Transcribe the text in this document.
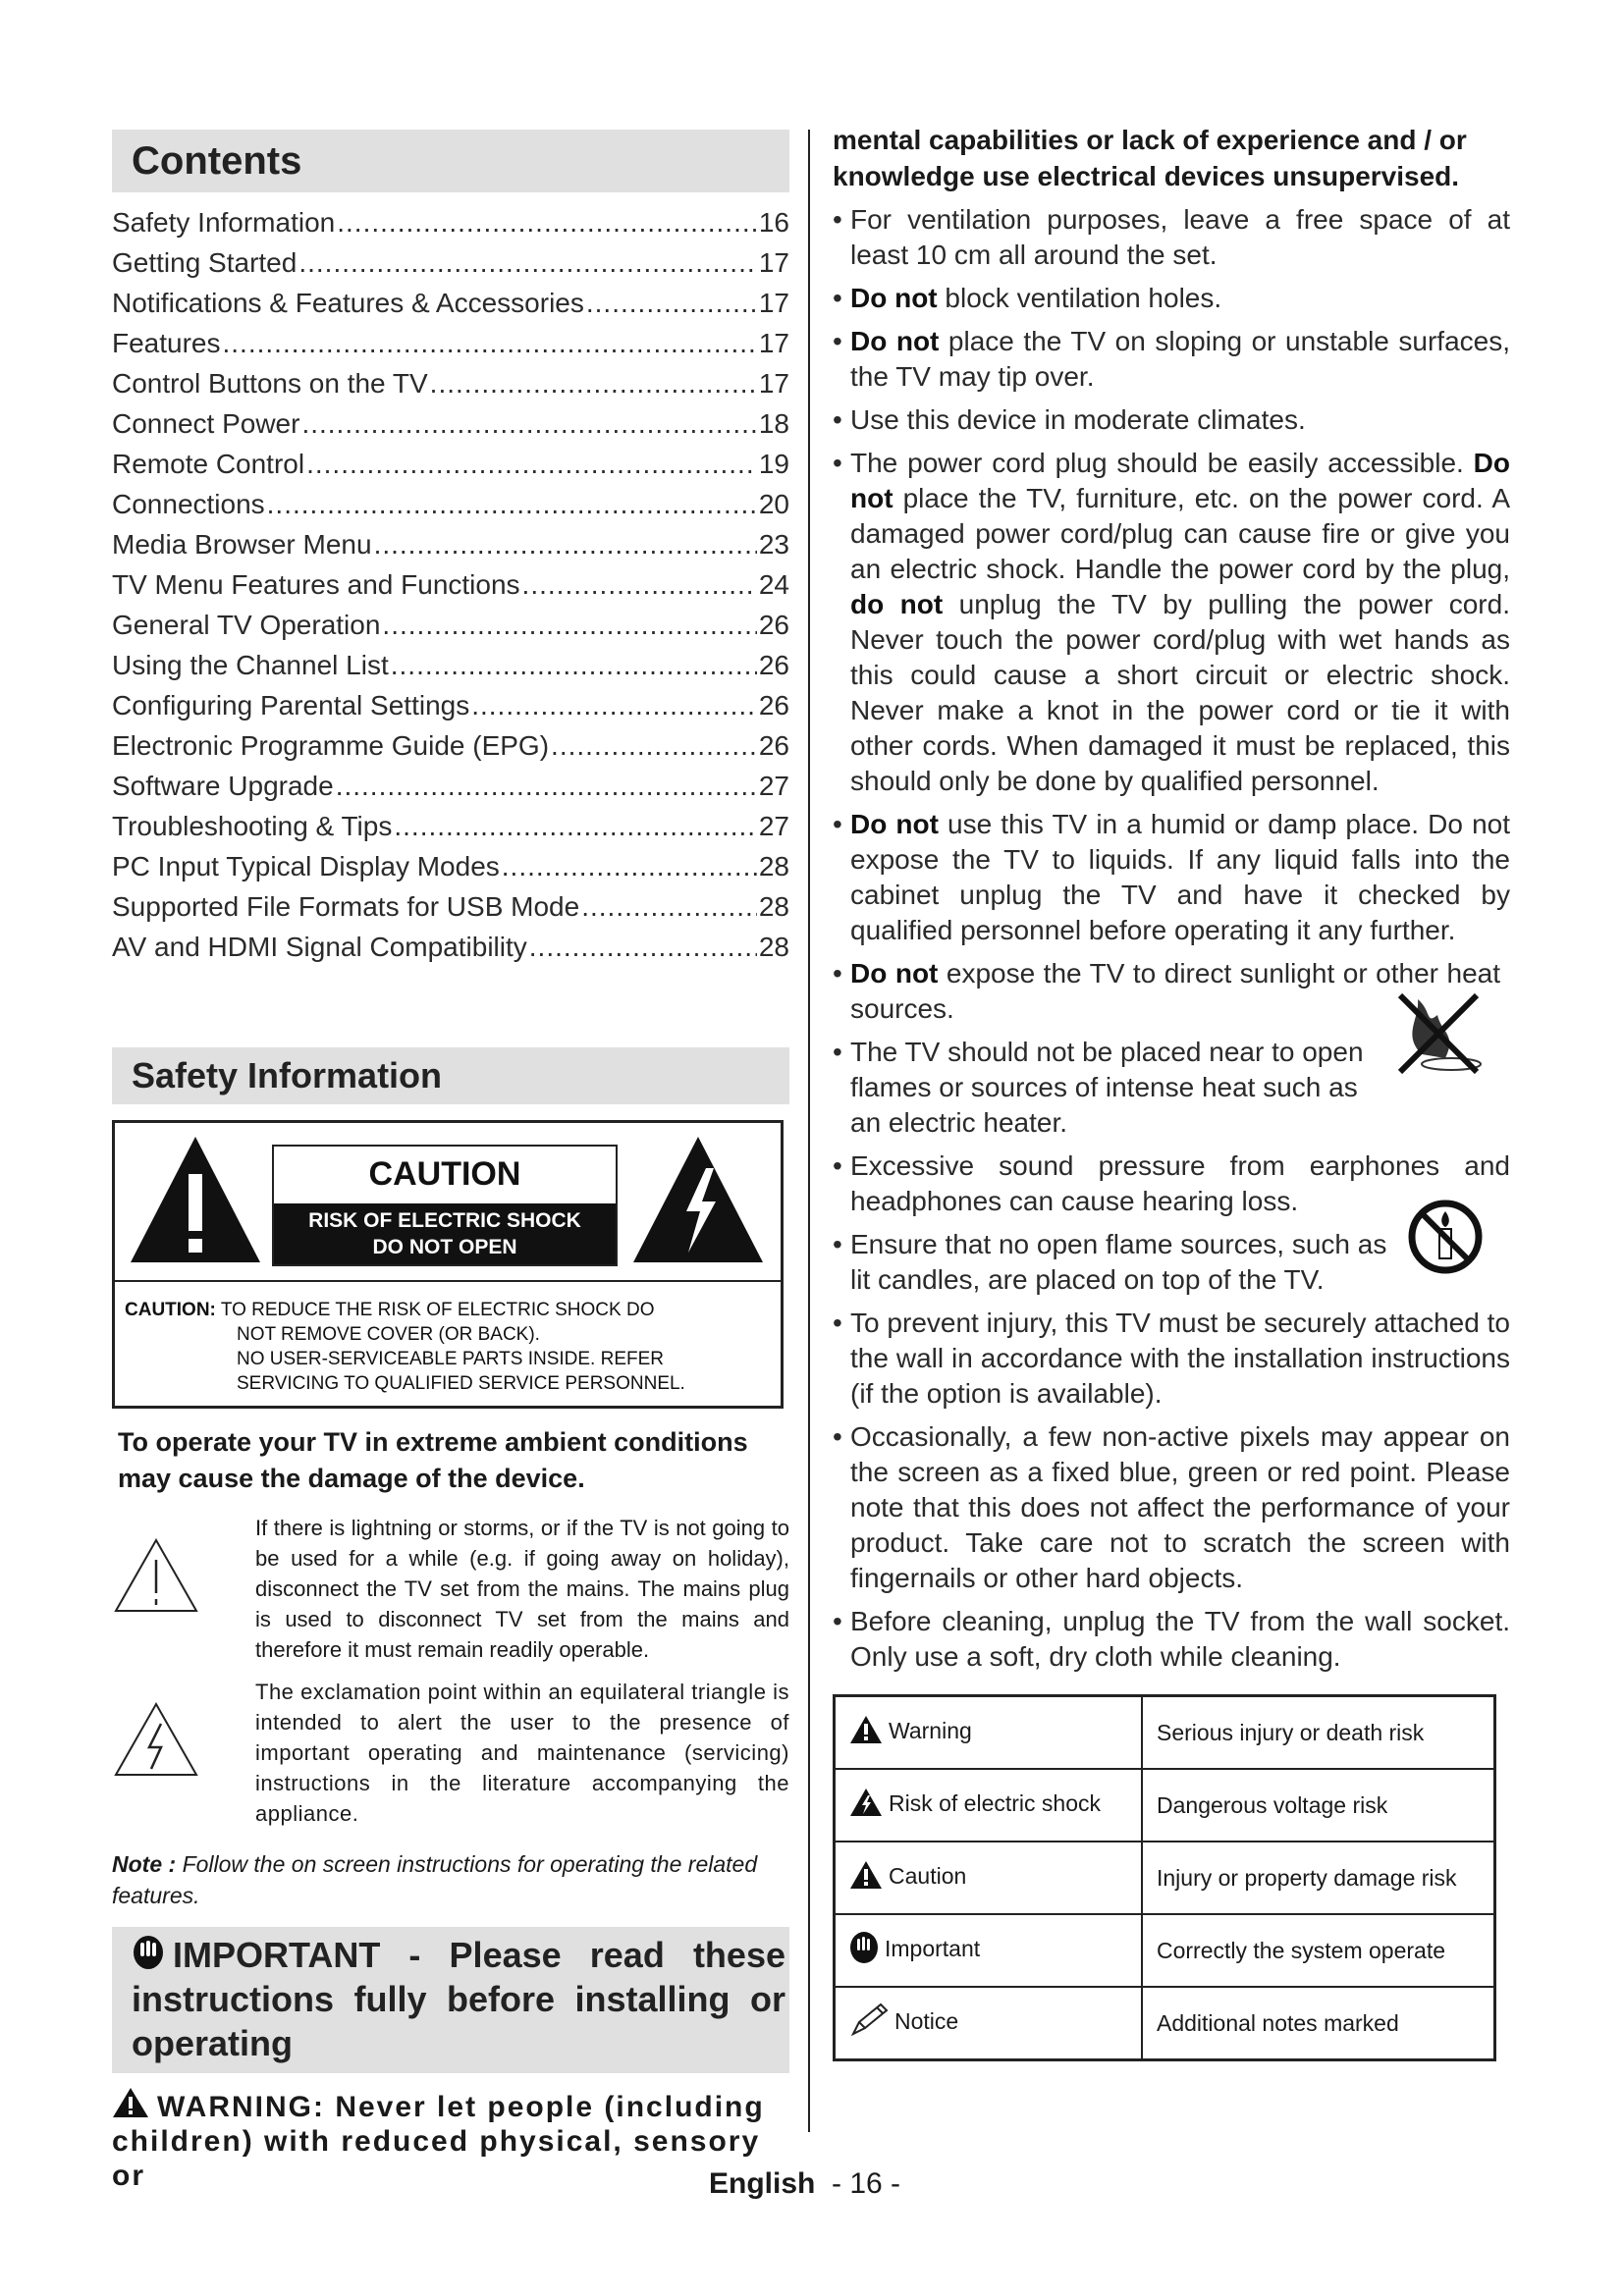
Contents
Safety Information .....	16
Getting Started .....	17
Notifications & Features & Accessories .....	17
Features .....	17
Control Buttons on the TV .....	17
Connect Power .....	18
Remote Control .....	19
Connections .....	20
Media Browser Menu .....	23
TV Menu Features and Functions .....	24
General TV Operation .....	26
Using the Channel List .....	26
Configuring Parental Settings .....	26
Electronic Programme Guide (EPG) .....	26
Software Upgrade .....	27
Troubleshooting & Tips .....	27
PC Input Typical Display Modes .....	28
Supported File Formats for USB Mode .....	28
AV and HDMI Signal Compatibility .....	28
Safety Information
CAUTION
RISK OF ELECTRIC SHOCK
DO NOT OPEN
CAUTION: TO REDUCE THE RISK OF ELECTRIC SHOCK DO
NOT REMOVE COVER (OR BACK).
NO USER-SERVICEABLE PARTS INSIDE. REFER
SERVICING TO QUALIFIED SERVICE PERSONNEL.
To operate your TV in extreme ambient conditions may cause the damage of the device.
If there is lightning or storms, or if the TV is not going to be used for a while (e.g. if going away on holiday), disconnect the TV set from the mains. The mains plug is used to disconnect TV set from the mains and therefore it must remain readily operable.
The exclamation point within an equilateral triangle is intended to alert the user to the presence of important operating and maintenance (servicing) instructions in the literature accompanying the appliance.
Note : Follow the on screen instructions for operating the related features.
IMPORTANT - Please read these instructions fully before installing or operating
WARNING: Never let people (including children) with reduced physical, sensory or
mental capabilities or lack of experience and / or knowledge use electrical devices unsupervised.
• For ventilation purposes, leave a free space of at least 10 cm all around the set.
• Do not block ventilation holes.
• Do not place the TV on sloping or unstable surfaces, the TV may tip over.
• Use this device in moderate climates.
• The power cord plug should be easily accessible. Do not place the TV, furniture, etc. on the power cord. A damaged power cord/plug can cause fire or give you an electric shock. Handle the power cord by the plug, do not unplug the TV by pulling the power cord. Never touch the power cord/plug with wet hands as this could cause a short circuit or electric shock. Never make a knot in the power cord or tie it with other cords. When damaged it must be replaced, this should only be done by qualified personnel.
• Do not use this TV in a humid or damp place. Do not expose the TV to liquids. If any liquid falls into the cabinet unplug the TV and have it checked by qualified personnel before operating it any further.
• Do not expose the TV to direct sunlight or other heat sources.
• The TV should not be placed near to open flames or sources of intense heat such as an electric heater.
• Excessive sound pressure from earphones and headphones can cause hearing loss.
• Ensure that no open flame sources, such as lit candles, are placed on top of the TV.
• To prevent injury, this TV must be securely attached to the wall in accordance with the installation instructions (if the option is available).
• Occasionally, a few non-active pixels may appear on the screen as a fixed blue, green or red point. Please note that this does not affect the performance of your product. Take care not to scratch the screen with fingernails or other hard objects.
• Before cleaning, unplug the TV from the wall socket. Only use a soft, dry cloth while cleaning.
Warning	Serious injury or death risk
Risk of electric shock	Dangerous voltage risk
Caution	Injury or property damage risk
Important	Correctly the system operate
Notice	Additional notes marked
English - 16 -
